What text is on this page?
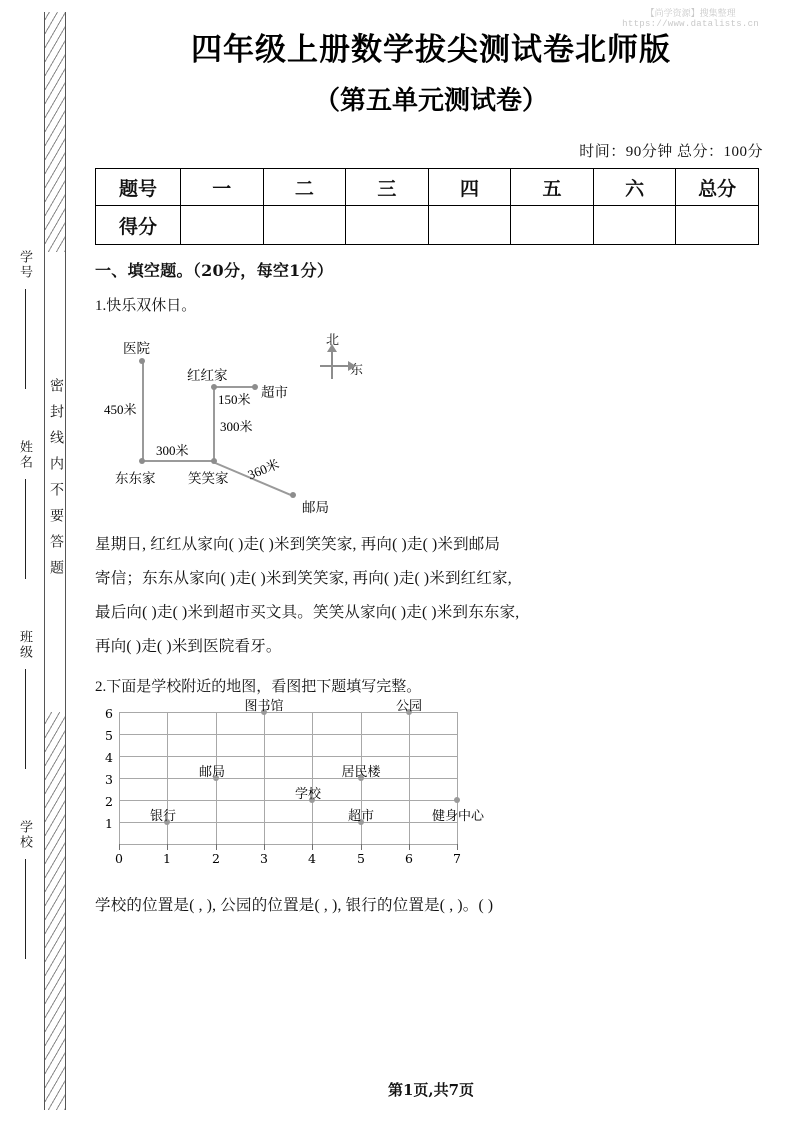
学号
姓名
班级
学校
密封线内不要答题
【尚学资源】搜集整理
https://www.datalists.cn
四年级上册数学拔尖测试卷北师版
（第五单元测试卷）

时间：90分钟 总分：100分

题号	一	二	三	四	五	六	总分
得分							

一、填空题。（20分，每空1分）

1.快乐双休日。

医院
东东家 笑笑家
红红家
超市
邮局
450米
300米
300米
150米
360米
北
东

星期日, 红红从家向( )走( )米到笑笑家, 再向( )走( )米到邮局

寄信；东东从家向( )走( )米到笑笑家, 再向( )走( )米到红红家,

最后向( )走( )米到超市买文具。笑笑从家向( )走( )米到东东家,

再向( )走( )米到医院看牙。

2.下面是学校附近的地图，看图把下题填写完整。

0	1	2	3	4	5	6	7
1
2
3
4
5
6
图书馆	公园
邮局	居民楼
学校
健身中心
银行	超市

学校的位置是( , ), 公园的位置是( , ), 银行的位置是( , )。( )

第1页,共7页
